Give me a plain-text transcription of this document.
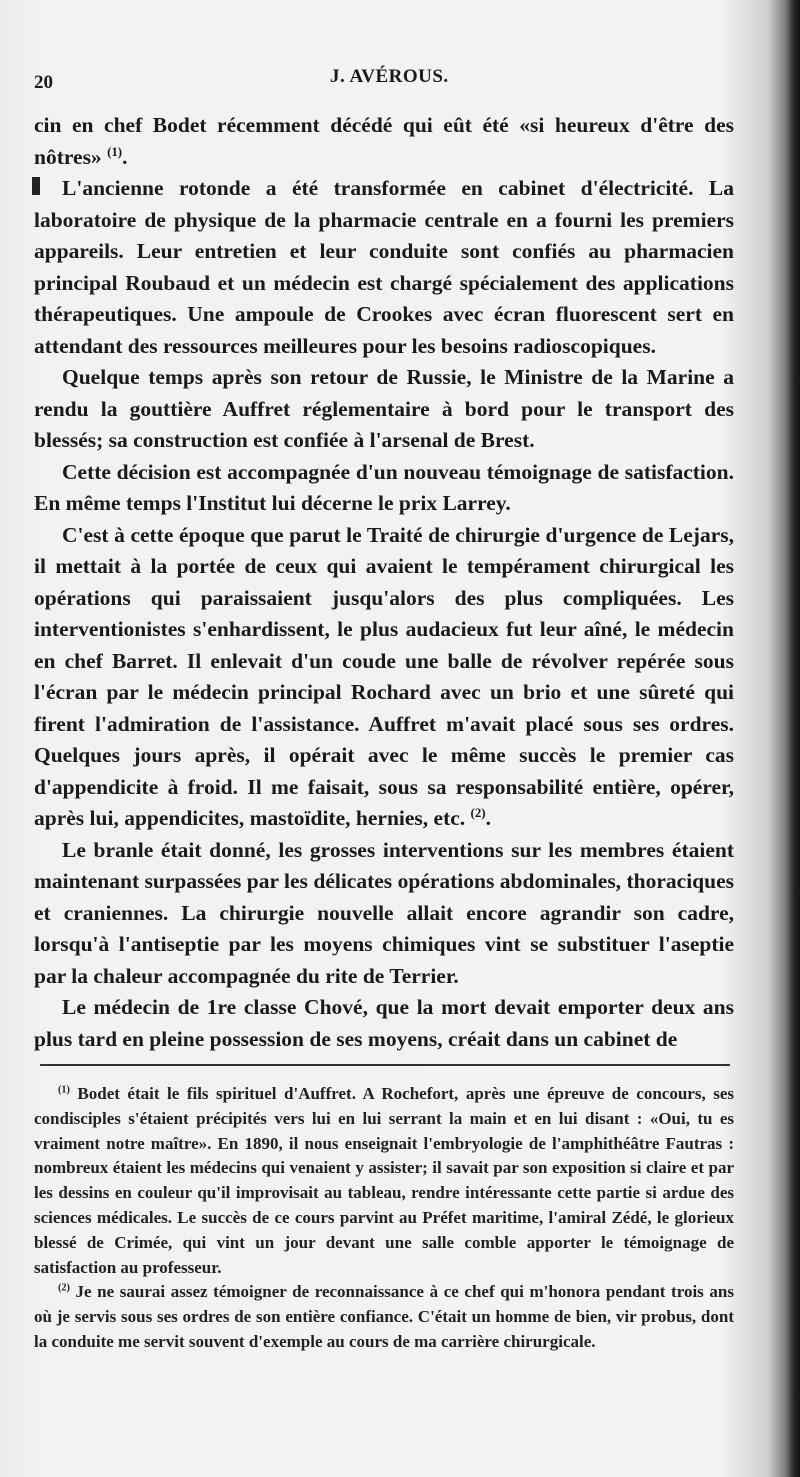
20	J. AVÉROUS.

cin en chef Bodet récemment décédé qui eût été «si heureux d'être des nôtres» $^{(1)}$.

L'ancienne rotonde a été transformée en cabinet d'électricité. La laboratoire de physique de la pharmacie centrale en a fourni les premiers appareils. Leur entretien et leur conduite sont confiés au pharmacien principal Roubaud et un médecin est chargé spécialement des applications thérapeutiques. Une ampoule de Crookes avec écran fluorescent sert en attendant des ressources meilleures pour les besoins radioscopiques.

Quelque temps après son retour de Russie, le Ministre de la Marine a rendu la gouttière Auffret réglementaire à bord pour le transport des blessés; sa construction est confiée à l'arsenal de Brest.

Cette décision est accompagnée d'un nouveau témoignage de satisfaction. En même temps l'Institut lui décerne le prix Larrey.

C'est à cette époque que parut le Traité de chirurgie d'urgence de Lejars, il mettait à la portée de ceux qui avaient le tempérament chirurgical les opérations qui paraissaient jusqu'alors des plus compliquées. Les interventionistes s'enhardissent, le plus audacieux fut leur aîné, le médecin en chef Barret. Il enlevait d'un coude une balle de révolver repérée sous l'écran par le médecin principal Rochard avec un brio et une sûreté qui firent l'admiration de l'assistance. Auffret m'avait placé sous ses ordres. Quelques jours après, il opérait avec le même succès le premier cas d'appendicite à froid. Il me faisait, sous sa responsabilité entière, opérer, après lui, appendicites, mastoïdite, hernies, etc. $^{(2)}$.

Le branle était donné, les grosses interventions sur les membres étaient maintenant surpassées par les délicates opérations abdominales, thoraciques et craniennes. La chirurgie nouvelle allait encore agrandir son cadre, lorsqu'à l'antiseptie par les moyens chimiques vint se substituer l'aseptie par la chaleur accompagnée du rite de Terrier.

Le médecin de 1re classe Chové, que la mort devait emporter deux ans plus tard en pleine possession de ses moyens, créait dans un cabinet de

$^{(1)}$ Bodet était le fils spirituel d'Auffret. A Rochefort, après une épreuve de concours, ses condisciples s'étaient précipités vers lui en lui serrant la main et en lui disant : «Oui, tu es vraiment notre maître». En 1890, il nous enseignait l'embryologie de l'amphithéâtre Fautras : nombreux étaient les médecins qui venaient y assister; il savait par son exposition si claire et par les dessins en couleur qu'il improvisait au tableau, rendre intéressante cette partie si ardue des sciences médicales. Le succès de ce cours parvint au Préfet maritime, l'amiral Zédé, le glorieux blessé de Crimée, qui vint un jour devant une salle comble apporter le témoignage de satisfaction au professeur.

$^{(2)}$ Je ne saurai assez témoigner de reconnaissance à ce chef qui m'honora pendant trois ans où je servis sous ses ordres de son entière confiance. C'était un homme de bien, vir probus, dont la conduite me servit souvent d'exemple au cours de ma carrière chirurgicale.
